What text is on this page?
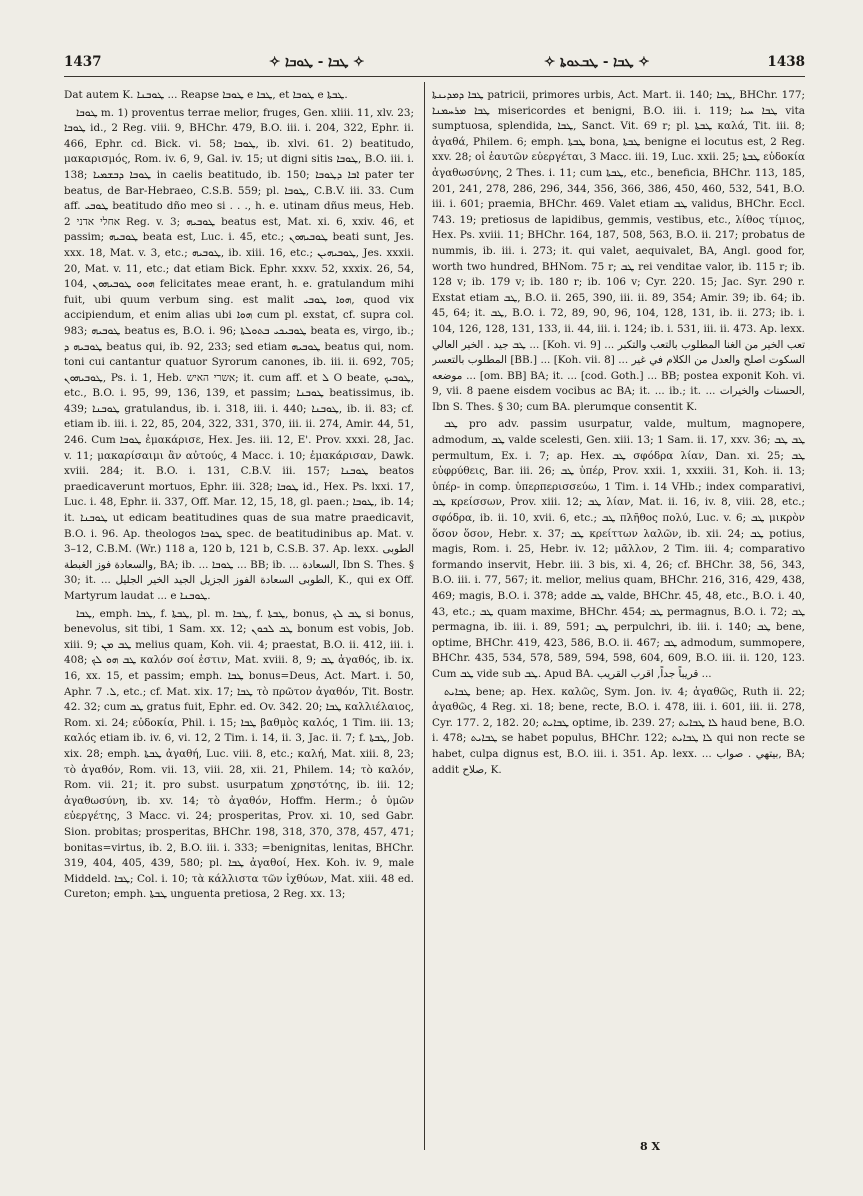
1437	✧ ܛܒܐ - ܛܘܒܐ ✧	✧ ܛܒܐ - ܛܒܥܘܬܐ ✧	1438

Dat autem K. ܛܘܒܢܐ ... Reapse ܛܘܒܐ e ܛܒܐ, et ܛܘܒܐ e ܛܒܬܐ.

ܛܘܒܐ m. 1) proventus terrae melior, fruges, Gen. xliii. 11, xlv. 23; ܛܘܒܐ id., 2 Reg. viii. 9, BHChr. 479, B.O. iii. i. 204, 322, Ephr. ii. 466, Ephr. cd. Bick. vi. 58; ܛܘܒܐ, ib. xlvi. 61. 2) beatitudo, μακαρισμός, Rom. iv. 6, 9, Gal. iv. 15; ut digni sitis ܛܘܒܐ, B.O. iii. i. 138; ܛܘܒܐ ܕܒܫܡܝܐ in caelis beatitudo, ib. 150; ܐܒܐ ܕܛܘܒܐ pater ter beatus, de Bar-Hebraeo, C.S.B. 559; pl. ܛܘܒܐ, C.B.V. iii. 33. Cum aff. ܛܘܒܝ beatitudo dño meo si . . ., h. e. utinam dñus meus, Heb. אחלי אדני 2 Reg. v. 3; ܛܘܒܝܗ beatus est, Mat. xi. 6, xxiv. 46, et passim; ܛܘܒܝܗ beata est, Luc. i. 45, etc.; ܛܘܒܝܗܘܢ beati sunt, Jes. xxx. 18, Mat. v. 3, etc.; ܛܘܒܝܗ, ib. xiii. 16, etc.; ܛܘܒܝܗܝܢ, Jes. xxxii. 20, Mat. v. 11, etc.; dat etiam Bick. Ephr. xxxv. 52, xxxix. 26, 54, 104, ܗܘܘ ܛܘܒܝܗܘܢ felicitates meae erant, h. e. gratulandum mihi fuit, ubi quum verbum sing. est malit ܗܘܐ ܛܘܒܝ, quod vix accipiendum, et enim alias ubi ܗܘܐ cum pl. exstat, cf. supra col. 983; ܛܘܒܝܗ beatus es, B.O. i. 96; ܛܘܒܝܟܝ ܒܬܘܠܬܐ beata es, virgo, ib.; ܛܘܒܝܗ ܕ beatus qui, ib. 92, 233; sed etiam ܛܘܒܝܗ beatus qui, nom. toni cui cantantur quatuor Syrorum canones, ib. iii. ii. 692, 705; ܛܘܒܝܗܘܢ, Ps. i. 1, Heb. אשרי האיש; it. cum aff. et ܠ O beate, ܛܘܒܝܟ, etc., B.O. i. 95, 99, 136, 139, et passim; ܛܘܒܢܐ beatissimus, ib. 439; ܛܘܒܢܐ gratulandus, ib. i. 318, iii. i. 440; ܛܘܒܢܐ, ib. ii. 83; cf. etiam ib. iii. i. 22, 85, 204, 322, 331, 370, iii. ii. 274, Amir. 44, 51, 246. Cum ܛܘܒܐ ἐμακάρισε, Hex. Jes. iii. 12, Ε'. Prov. xxxi. 28, Jac. v. 11; μακαρίσαιμι ἂν αὐτούς, 4 Macc. i. 10; ἐμακάρισαν, Dawk. xviii. 284; it. B.O. i. 131, C.B.V. iii. 157; ܛܘܒܢܐ beatos praedicaverunt mortuos, Ephr. iii. 328; ܛܘܒܐ id., Hex. Ps. lxxi. 17, Luc. i. 48, Ephr. ii. 337, Off. Mar. 12, 15, 18, gl. paen.; ܛܘܒܐ, ib. 14; it. ܛܘܒܢܐ ut edicam beatitudines quas de sua matre praedicavit, B.O. i. 96. Ap. theologos ܛܘܒܐ spec. de beatitudinibus ap. Mat. v. 3–12, C.B.M. (Wr.) 118 a, 120 b, 121 b, C.S.B. 37. Ap. lexx. الطوبى والسعادة فوز الغبطة, BA; ib. ... ܛܘܒܐ ... BB; ib. ... السعادة, Ibn S. Thes. § 30; it. ... الطوبى السعادة الفوز الجزيل الجيد الخير الجليل, K., qui ex Off. Martyrum laudat ... e ܛܘܒܢܐ.

ܛܒܐ, emph. ܛܒܐ, f. ܛܒܬܐ, pl. m. ܛܒܐ, f. ܛܒܬܐ, bonus, ܛܒ ܠܟ si bonus, benevolus, sit tibi, 1 Sam. xx. 12; ܛܒ ܠܟܘܢ bonum est vobis, Job. xiii. 9; ܛܒ ܡܢ melius quam, Koh. vii. 4; praestat, B.O. ii. 412, iii. i. 408; ܛܒ ܗܘ ܠܟ καλόν σοί ἐστιν, Mat. xviii. 8, 9; ܛܒ ἀγαθός, ib. ix. 16, xx. 15, et passim; emph. ܛܒܐ bonus=Deus, Act. Mart. i. 50, Aphr. ܠ. 7, etc.; cf. Mat. xix. 17; ܛܒܐ τὸ πρῶτον ἀγαθόν, Tit. Bostr. 42. 32; cum ܛܒ gratus fuit, Ephr. ed. Ov. 342. 20; ܛܒܐ καλλιέλαιος, Rom. xi. 24; εὐδοκία, Phil. i. 15; ܛܒܐ βαθμὸς καλός, 1 Tim. iii. 13; καλός etiam ib. iv. 6, vi. 12, 2 Tim. i. 14, ii. 3, Jac. ii. 7; f. ܛܒܬܐ, Job. xix. 28; emph. ܛܒܬܐ ἀγαθή, Luc. viii. 8, etc.; καλή, Mat. xiii. 8, 23; τὸ ἀγαθόν, Rom. vii. 13, viii. 28, xii. 21, Philem. 14; τὸ καλόν, Rom. vii. 21; it. pro subst. usurpatum χρηστότης, ib. iii. 12; ἀγαθωσύνη, ib. xv. 14; τὸ ἀγαθόν, Hoffm. Herm.; ὁ ὑμῶν εὐεργέτης, 3 Macc. vi. 24; prosperitas, Prov. xi. 10, sed Gabr. Sion. probitas; prosperitas, BHChr. 198, 318, 370, 378, 457, 471; bonitas=virtus, ib. 2, B.O. iii. i. 333; =benignitas, lenitas, BHChr. 319, 404, 405, 439, 580; pl. ܛܒܐ ἀγαθοί, Hex. Koh. iv. 9, male Middeld. ܛܒܐ; Col. i. 10; τὰ κάλλιστα τῶν ἰχθύων, Mat. xiii. 48 ed. Cureton; emph. ܛܒܬܐ unguenta pretiosa, 2 Reg. xx. 13;

ܛܒܐ ܕܡܕܝܢܬܐ patricii, primores urbis, Act. Mart. ii. 140; ܛܒܐ, BHChr. 177; ܛܒܐ ܡܪܚܡܢܐ misericordes et benigni, B.O. iii. i. 119; ܛܒܐ ܚܝܐ vita sumptuosa, splendida, ܛܒܐ, Sanct. Vit. 69 r; pl. ܛܒܬܐ καλά, Tit. iii. 8; ἀγαθά, Philem. 6; emph. ܛܒܬܐ bona, ܛܒܬܐ benigne ei locutus est, 2 Reg. xxv. 28; οἱ ἑαυτῶν εὐεργέται, 3 Macc. iii. 19, Luc. xxii. 25; ܛܒܬܐ εὐδοκία ἀγαθωσύνης, 2 Thes. i. 11; cum ܛܒܬܐ, etc., beneficia, BHChr. 113, 185, 201, 241, 278, 286, 296, 344, 356, 366, 386, 450, 460, 532, 541, B.O. iii. i. 601; praemia, BHChr. 469. Valet etiam ܛܒ validus, BHChr. Eccl. 743. 19; pretiosus de lapidibus, gemmis, vestibus, etc., λίθος τίμιος, Hex. Ps. xviii. 11; BHChr. 164, 187, 508, 563, B.O. ii. 217; probatus de nummis, ib. iii. i. 273; it. qui valet, aequivalet, BA, Angl. good for, worth two hundred, BHNom. 75 r; ܛܒ rei venditae valor, ib. 115 r; ib. 128 v; ib. 179 v; ib. 180 r; ib. 106 v; Cyr. 220. 15; Jac. Syr. 290 r. Exstat etiam ܛܒ, B.O. ii. 265, 390, iii. ii. 89, 354; Amir. 39; ib. 64; ib. 45, 64; it. ܛܒ, B.O. i. 72, 89, 90, 96, 104, 128, 131, ib. ii. 273; ib. i. 104, 126, 128, 131, 133, ii. 44, iii. i. 124; ib. i. 531, iii. ii. 473. Ap. lexx. ܛܒ جيد . الخير العالي ... [Koh. vi. 9] ... تعب الخير من الغنا المطلوب بالتعب والتكبر المطلوب بالتعسر [BB.] ... [Koh. vii. 8] ... السكوت اصلح والعدل من الكلام في غير موضعه ... [om. BB] BA; it. ... [cod. Goth.] ... BB; postea exponit Koh. vi. 9, vii. 8 paene eisdem vocibus ac BA; it. ... ib.; it. ... الحسنات والخيرات, Ibn S. Thes. § 30; cum BA. plerumque consentit K.

ܛܒ pro adv. passim usurpatur, valde, multum, magnopere, admodum, ܛܒ valde scelesti, Gen. xiii. 13; 1 Sam. ii. 17, xxv. 36; ܛܒ ܛܒ permultum, Ex. i. 7; ap. Hex. ܛܒ σφόδρα λίαν, Dan. xi. 25; ܛܒ εὐφρύθεις, Bar. iii. 26; ܛܒ ὑπέρ, Prov. xxii. 1, xxxiii. 31, Koh. ii. 13; ὑπέρ- in comp. ὑπερπερισσεύω, 1 Tim. i. 14 VHb.; index comparativi, ܛܒ κρείσσων, Prov. xiii. 12; ܛܒ λίαν, Mat. ii. 16, iv. 8, viii. 28, etc.; σφόδρα, ib. ii. 10, xvii. 6, etc.; ܛܒ πλῆθος πολύ, Luc. v. 6; ܛܒ μικρὸν ὅσον ὅσον, Hebr. x. 37; ܛܒ κρείττων λαλῶν, ib. xii. 24; ܛܒ potius, magis, Rom. i. 25, Hebr. iv. 12; μᾶλλον, 2 Tim. iii. 4; comparativo formando inservit, Hebr. iii. 3 bis, xi. 4, 26; cf. BHChr. 38, 56, 343, B.O. iii. i. 77, 567; it. melior, melius quam, BHChr. 216, 316, 429, 438, 469; magis, B.O. i. 378; adde ܛܒ valde, BHChr. 45, 48, etc., B.O. i. 40, 43, etc.; ܛܒ quam maxime, BHChr. 454; ܛܒ permagnus, B.O. i. 72; ܛܒ permagna, ib. iii. i. 89, 591; ܛܒ perpulchri, ib. iii. i. 140; ܛܒ bene, optime, BHChr. 419, 423, 586, B.O. ii. 467; ܛܒ admodum, summopere, BHChr. 435, 534, 578, 589, 594, 598, 604, 609, B.O. iii. ii. 120, 123. Cum ܛܒ vide sub ܛܒ. Apud BA. قريباً جداً, اقرب القريب ...

ܛܒܐܝܬ bene; ap. Hex. καλῶς, Sym. Jon. iv. 4; ἀγαθῶς, Ruth ii. 22; ἀγαθῶς, 4 Reg. xi. 18; bene, recte, B.O. i. 478, iii. i. 601, iii. ii. 278, Cyr. 177. 2, 182. 20; ܛܒܐܝܬ optime, ib. 239. 27; ܠܐ ܛܒܐܝܬ haud bene, B.O. i. 478; ܛܒܐܝܬ se habet populus, BHChr. 122; ܠܐ ܛܒܐܝܬ qui non recte se habet, culpa dignus est, B.O. iii. i. 351. Ap. lexx. ... بيتهي . صواب, BA; addit صلاح, K.

8 X
